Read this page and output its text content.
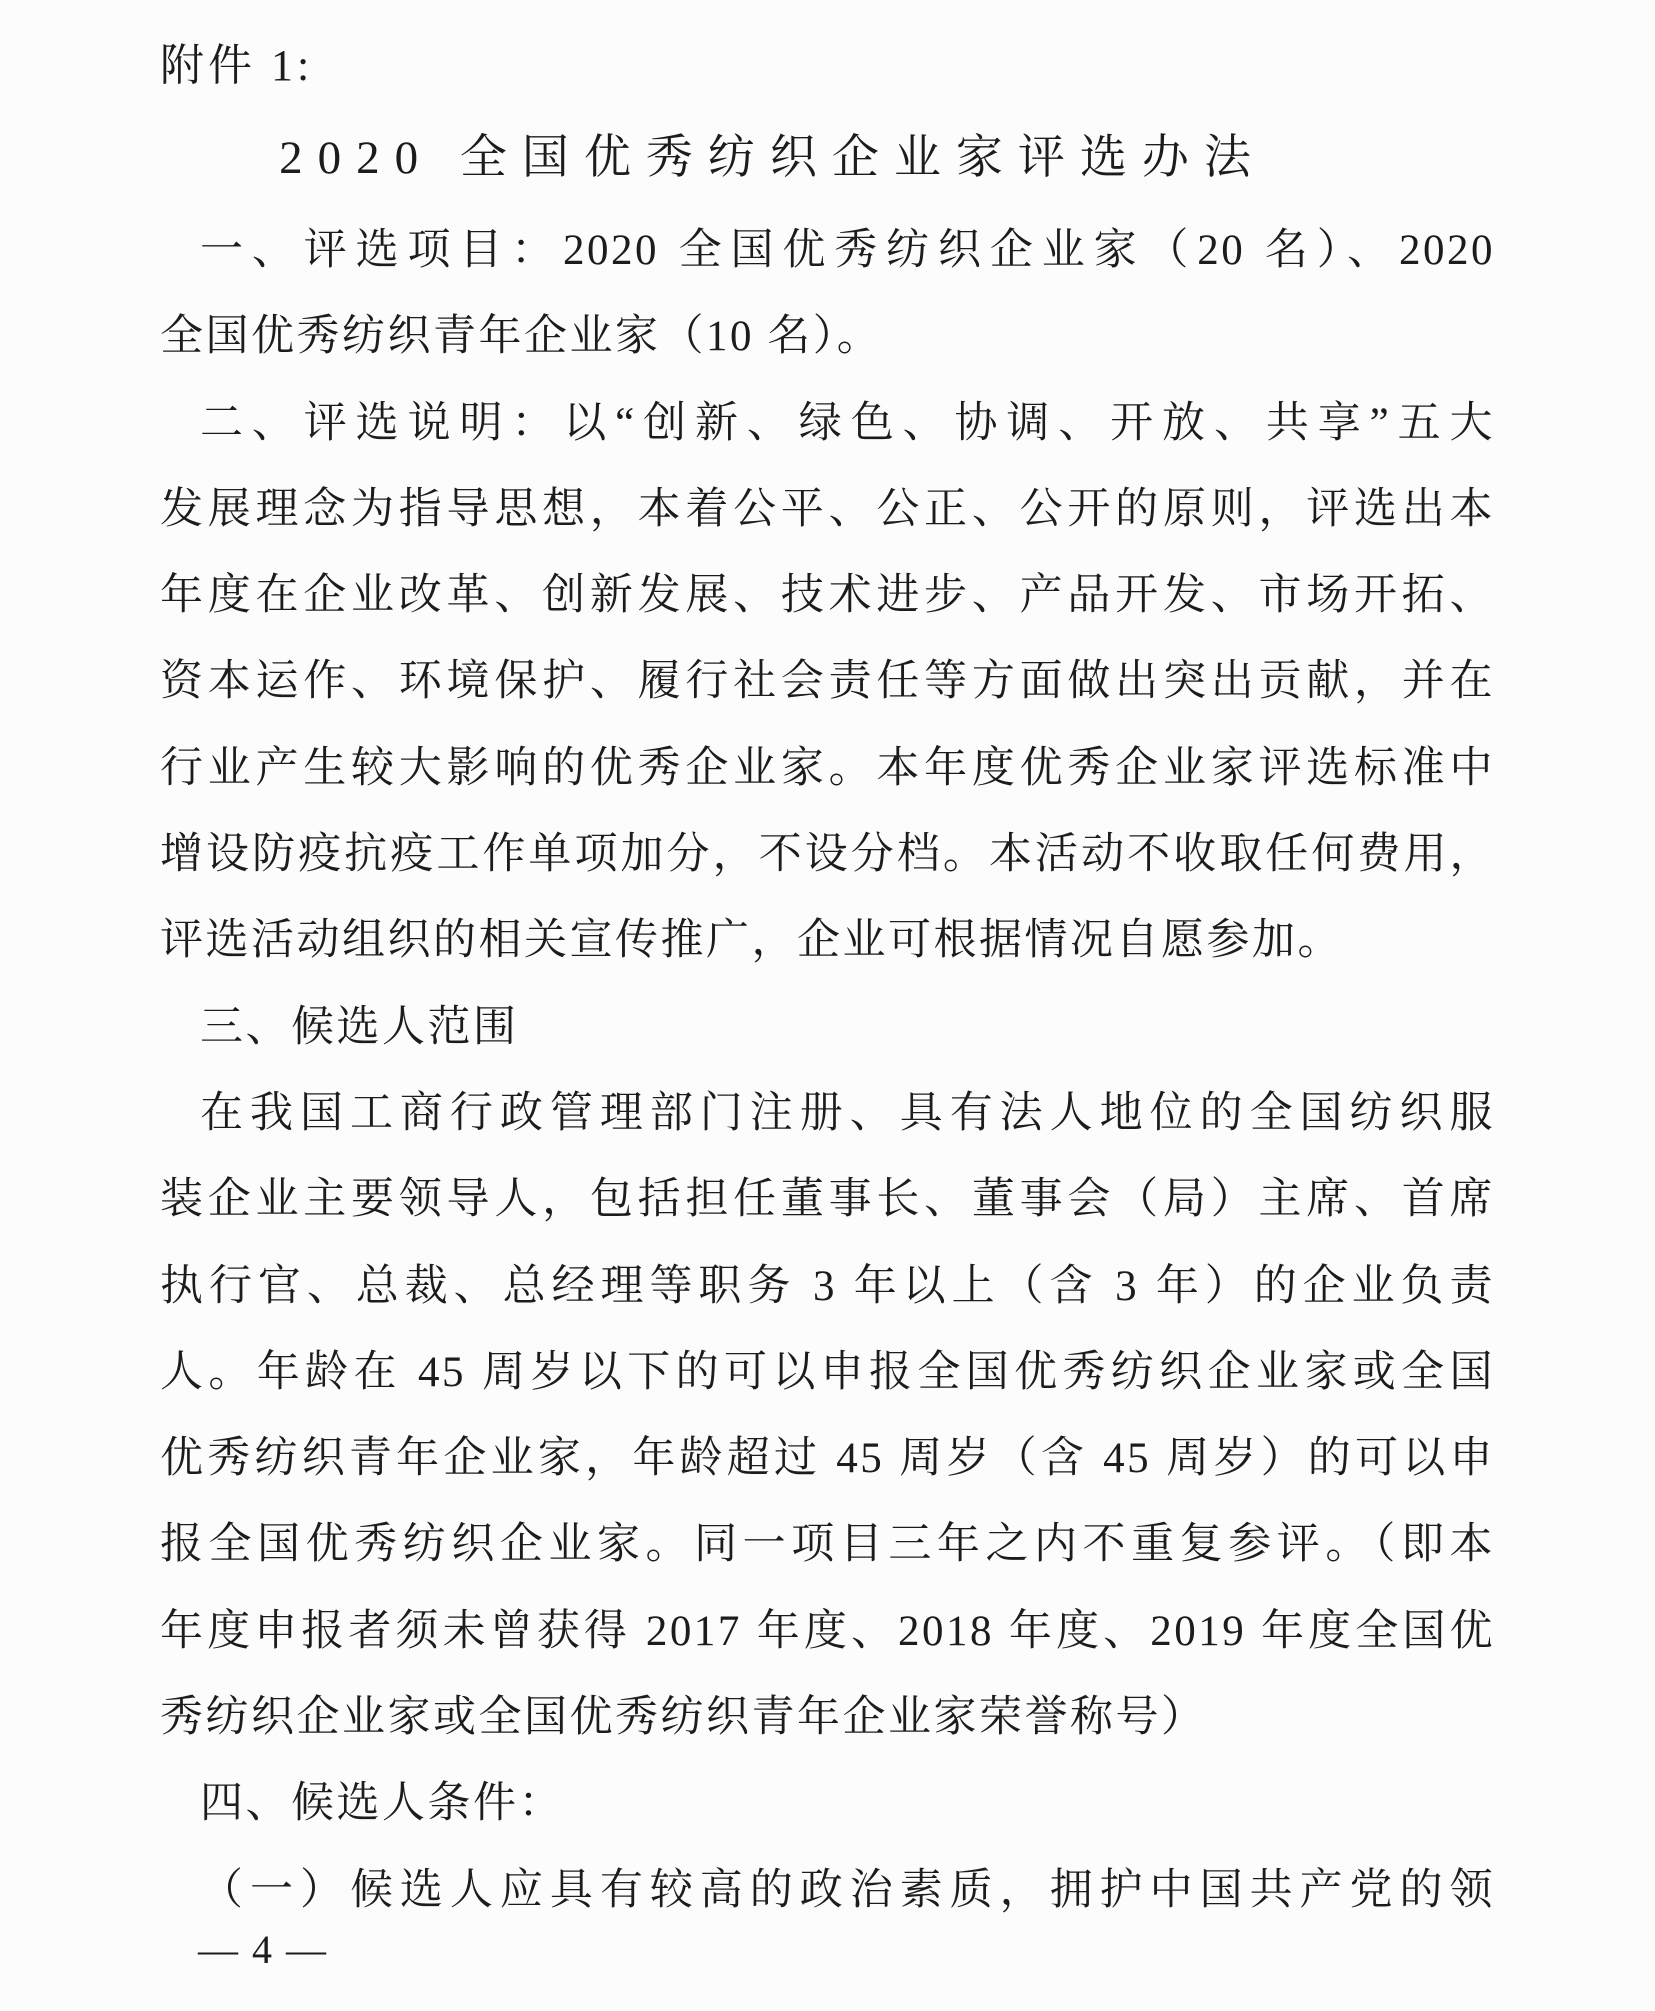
附件 1:
2020 全国优秀纺织企业家评选办法
一、评选项目：2020 全国优秀纺织企业家（20 名）、2020
全国优秀纺织青年企业家（10 名）。
二、评选说明：以“创新、绿色、协调、开放、共享”五大
发展理念为指导思想，本着公平、公正、公开的原则，评选出本
年度在企业改革、创新发展、技术进步、产品开发、市场开拓、
资本运作、环境保护、履行社会责任等方面做出突出贡献，并在
行业产生较大影响的优秀企业家。本年度优秀企业家评选标准中
增设防疫抗疫工作单项加分，不设分档。本活动不收取任何费用，
评选活动组织的相关宣传推广，企业可根据情况自愿参加。
三、候选人范围
在我国工商行政管理部门注册、具有法人地位的全国纺织服
装企业主要领导人，包括担任董事长、董事会（局）主席、首席
执行官、总裁、总经理等职务 3 年以上（含 3 年）的企业负责
人。年龄在 45 周岁以下的可以申报全国优秀纺织企业家或全国
优秀纺织青年企业家，年龄超过 45 周岁（含 45 周岁）的可以申
报全国优秀纺织企业家。同一项目三年之内不重复参评。（即本
年度申报者须未曾获得 2017 年度、2018 年度、2019 年度全国优
秀纺织企业家或全国优秀纺织青年企业家荣誉称号）
四、候选人条件：
（一）候选人应具有较高的政治素质，拥护中国共产党的领
— 4 —
